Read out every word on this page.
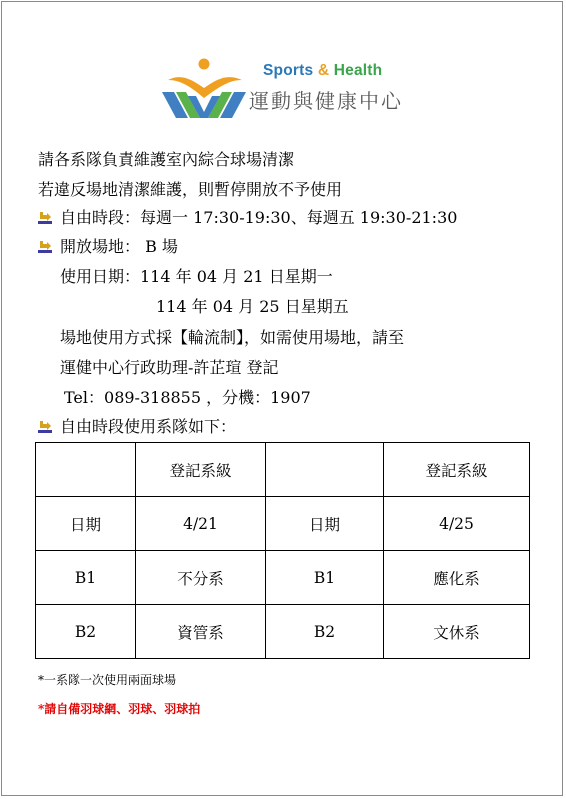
Sports & Health
運動與健康中心
請各系隊負責維護室內綜合球場清潔
若違反場地清潔維護，則暫停開放不予使用
自由時段：每週一 17:30-19:30、每週五 19:30-21:30
開放場地： B 場
使用日期：114 年 04 月 21 日星期一
114 年 04 月 25 日星期五
場地使用方式採【輪流制】，如需使用場地，請至
運健中心行政助理-許芷瑄 登記
Tel：089-318855 ，分機：1907
自由時段使用系隊如下：
	登記系級		登記系級
日期	4/21	日期	4/25
B1	不分系	B1	應化系
B2	資管系	B2	文休系
*一系隊一次使用兩面球場
*請自備羽球網、羽球、羽球拍
